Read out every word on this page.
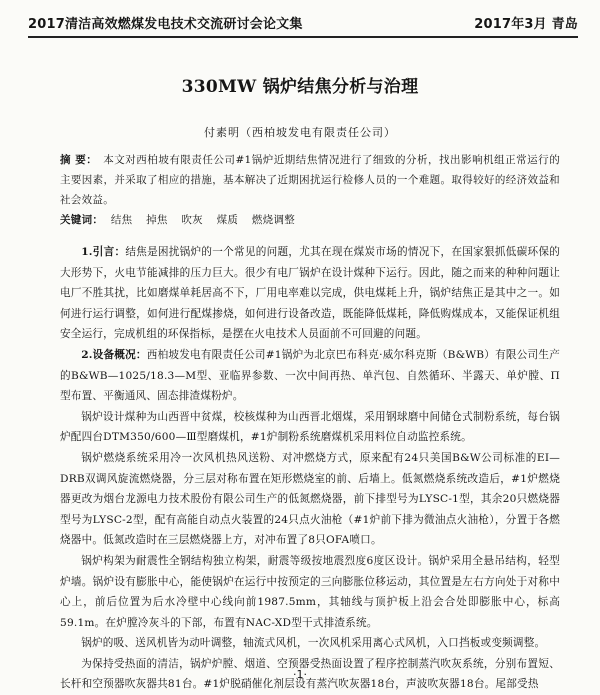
2017清洁高效燃煤发电技术交流研讨会论文集	2017年3月 青岛
330MW 锅炉结焦分析与治理
付素明（西柏坡发电有限责任公司）
摘 要： 本文对西柏坡有限责任公司#1锅炉近期结焦情况进行了细致的分析，找出影响机组正常运行的主要因素，并采取了相应的措施，基本解决了近期困扰运行检修人员的一个难题。取得较好的经济效益和社会效益。
关键词： 结焦 掉焦 吹灰 煤质 燃烧调整

1.引言：结焦是困扰锅炉的一个常见的问题，尤其在现在煤炭市场的情况下，在国家狠抓低碳环保的大形势下，火电节能减排的压力巨大。很少有电厂锅炉在设计煤种下运行。因此，随之而来的种种问题让电厂不胜其扰，比如磨煤单耗居高不下，厂用电率难以完成，供电煤耗上升，锅炉结焦正是其中之一。如何进行运行调整，如何进行配煤掺烧，如何进行设备改造，既能降低煤耗，降低购煤成本，又能保证机组安全运行，完成机组的环保指标，是摆在火电技术人员面前不可回避的问题。

2.设备概况：西柏坡发电有限责任公司#1锅炉为北京巴布科克·威尔科克斯（B&WB）有限公司生产的B&WB—1025/18.3—M型、亚临界参数、一次中间再热、单汽包、自然循环、半露天、单炉膛、Π型布置、平衡通风、固态排渣煤粉炉。

锅炉设计煤种为山西晋中贫煤，校核煤种为山西晋北烟煤，采用钢球磨中间储仓式制粉系统，每台锅炉配四台DTM350/600—Ⅲ型磨煤机，#1炉制粉系统磨煤机采用料位自动监控系统。

锅炉燃烧系统采用冷一次风机热风送粉、对冲燃烧方式，原来配有24只美国B&W公司标准的EI—DRB双调风旋流燃烧器，分三层对称布置在矩形燃烧室的前、后墙上。低氮燃烧系统改造后，#1炉燃烧器更改为烟台龙源电力技术股份有限公司生产的低氮燃烧器，前下排型号为LYSC-1型，其余20只燃烧器型号为LYSC-2型，配有高能自动点火装置的24只点火油枪（#1炉前下排为微油点火油枪），分置于各燃烧器中。低氮改造时在三层燃烧器上方，对冲布置了8只OFA喷口。

锅炉构架为耐震性全钢结构独立构架，耐震等级按地震烈度6度区设计。锅炉采用全悬吊结构，轻型炉墙。锅炉设有膨胀中心，能使锅炉在运行中按预定的三向膨胀位移运动，其位置是左右方向处于对称中心上，前后位置为后水冷壁中心线向前1987.5mm，其轴线与顶护板上沿会合处即膨胀中心，标高59.1m。在炉膛冷灰斗的下部，布置有NAC-XD型干式排渣系统。

锅炉的吸、送风机皆为动叶调整，轴流式风机，一次风机采用离心式风机，入口挡板或变频调整。

为保持受热面的清洁，锅炉炉膛、烟道、空预器受热面设置了程序控制蒸汽吹灰系统，分别布置短、长杆和空预器吹灰器共81台。#1炉脱硝催化剂层设有蒸汽吹灰器18台，声波吹灰器18台。尾部受热

·1·
